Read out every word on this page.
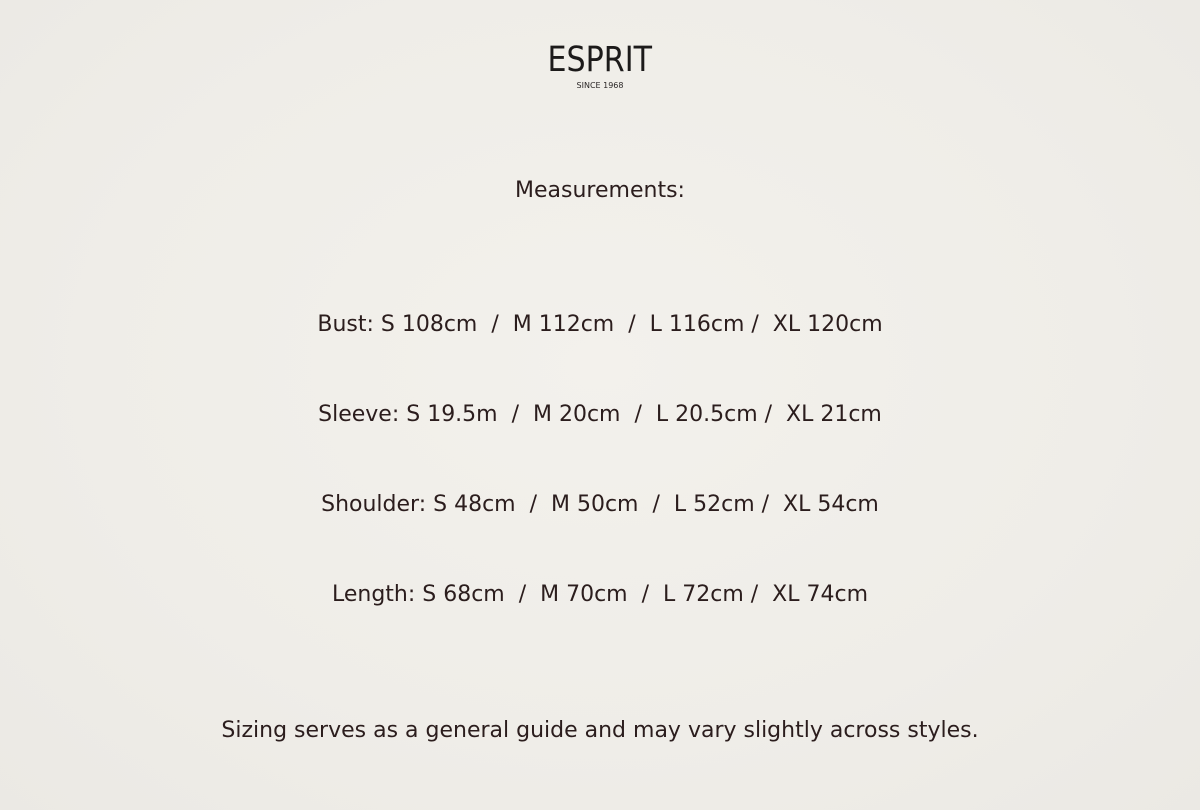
ESPRIT
SINCE 1968
Measurements:
Bust: S 108cm  /  M 112cm  /  L 116cm /  XL 120cm
Sleeve: S 19.5m  /  M 20cm  /  L 20.5cm /  XL 21cm
Shoulder: S 48cm  /  M 50cm  /  L 52cm /  XL 54cm
Length: S 68cm  /  M 70cm  /  L 72cm /  XL 74cm
Sizing serves as a general guide and may vary slightly across styles.
